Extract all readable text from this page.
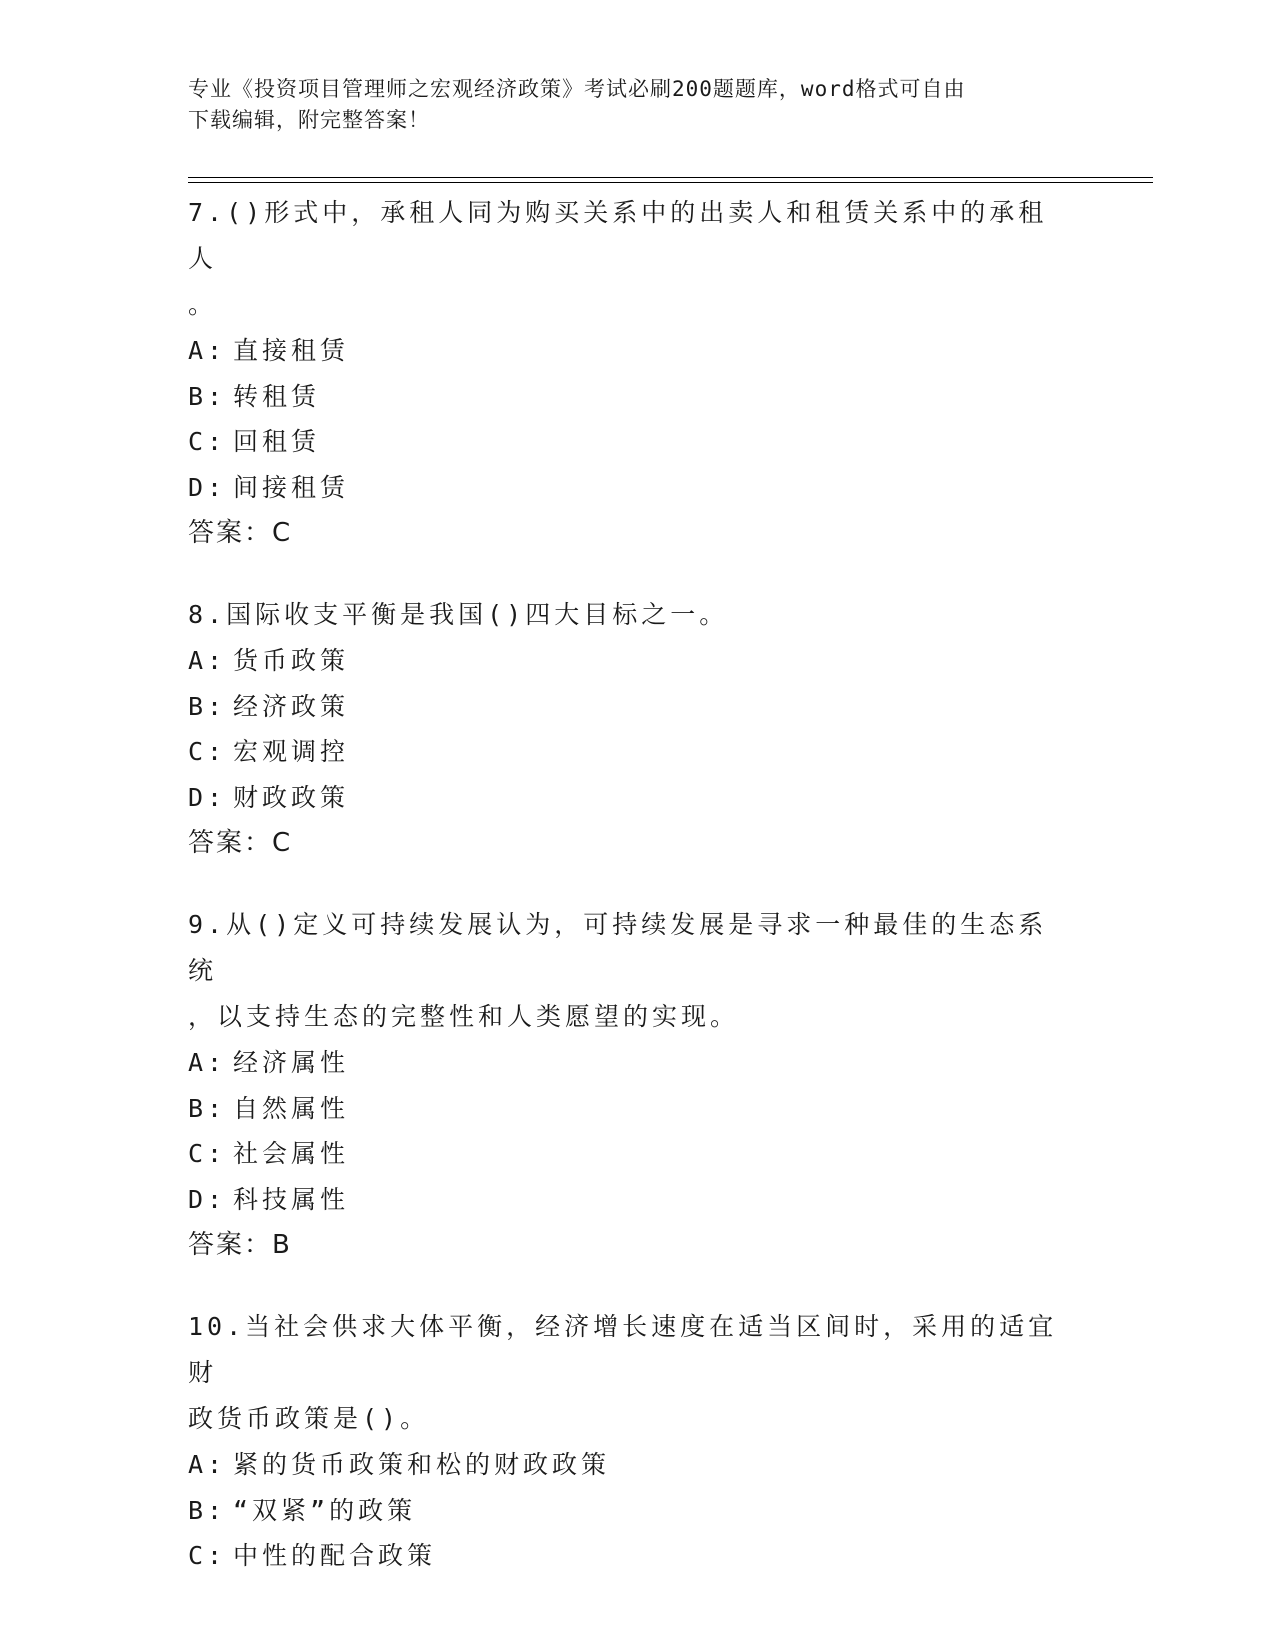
专业《投资项目管理师之宏观经济政策》考试必刷200题题库，word格式可自由
下载编辑，附完整答案！
7.()形式中，承租人同为购买关系中的出卖人和租赁关系中的承租人
。
A: 直接租赁
B: 转租赁
C: 回租赁
D: 间接租赁
答案：C
8.国际收支平衡是我国()四大目标之一。
A: 货币政策
B: 经济政策
C: 宏观调控
D: 财政政策
答案：C
9.从()定义可持续发展认为，可持续发展是寻求一种最佳的生态系统
，以支持生态的完整性和人类愿望的实现。
A: 经济属性
B: 自然属性
C: 社会属性
D: 科技属性
答案：B
10.当社会供求大体平衡，经济增长速度在适当区间时，采用的适宜财
政货币政策是()。
A: 紧的货币政策和松的财政政策
B: “双紧”的政策
C: 中性的配合政策
